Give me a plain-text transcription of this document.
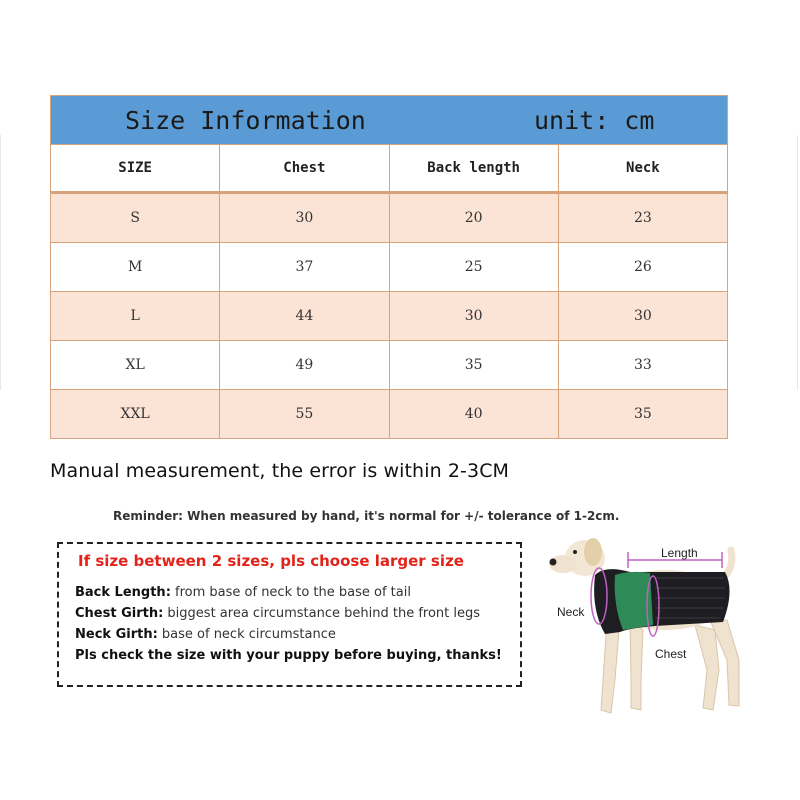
Size Information	unit: cm
SIZE	Chest	Back length	Neck
S	30	20	23
M	37	25	26
L	44	30	30
XL	49	35	33
XXL	55	40	35
Manual measurement, the error is within 2-3CM
Reminder: When measured by hand, it's normal for +/- tolerance of 1-2cm.
If size between 2 sizes, pls choose larger size
Back Length: from base of neck to the base of tail
Chest Girth: biggest area circumstance behind the front legs
Neck Girth: base of neck circumstance
Pls check the size with your puppy before buying, thanks!
Length
Neck
Chest
